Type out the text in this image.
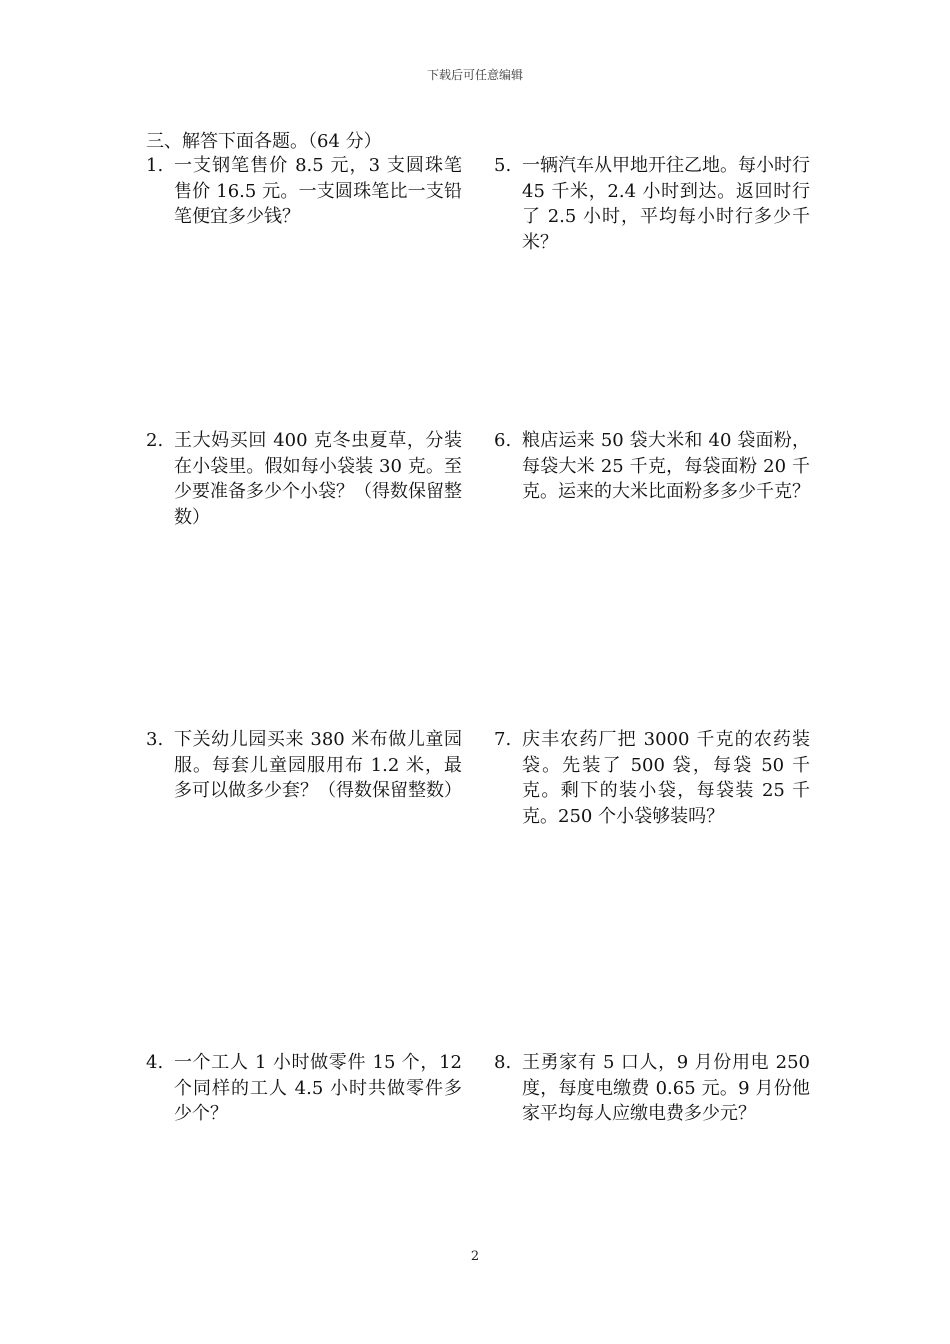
下载后可任意编辑
三、解答下面各题。（64 分）
1. 一支钢笔售价 8.5 元，3 支圆珠笔售价 16.5 元。一支圆珠笔比一支铅笔便宜多少钱？
2. 王大妈买回 400 克冬虫夏草，分装在小袋里。假如每小袋装 30 克。至少要准备多少个小袋？（得数保留整数）
3. 下关幼儿园买来 380 米布做儿童园服。每套儿童园服用布 1.2 米，最多可以做多少套？（得数保留整数）
4. 一个工人 1 小时做零件 15 个，12 个同样的工人 4.5 小时共做零件多少个？
5. 一辆汽车从甲地开往乙地。每小时行 45 千米，2.4 小时到达。返回时行了 2.5 小时，平均每小时行多少千米？
6. 粮店运来 50 袋大米和 40 袋面粉，每袋大米 25 千克，每袋面粉 20 千克。运来的大米比面粉多多少千克？
7. 庆丰农药厂把 3000 千克的农药装袋。先装了 500 袋，每袋 50 千克。剩下的装小袋，每袋装 25 千克。250 个小袋够装吗？
8. 王勇家有 5 口人，9 月份用电 250 度，每度电缴费 0.65 元。9 月份他家平均每人应缴电费多少元？
2
